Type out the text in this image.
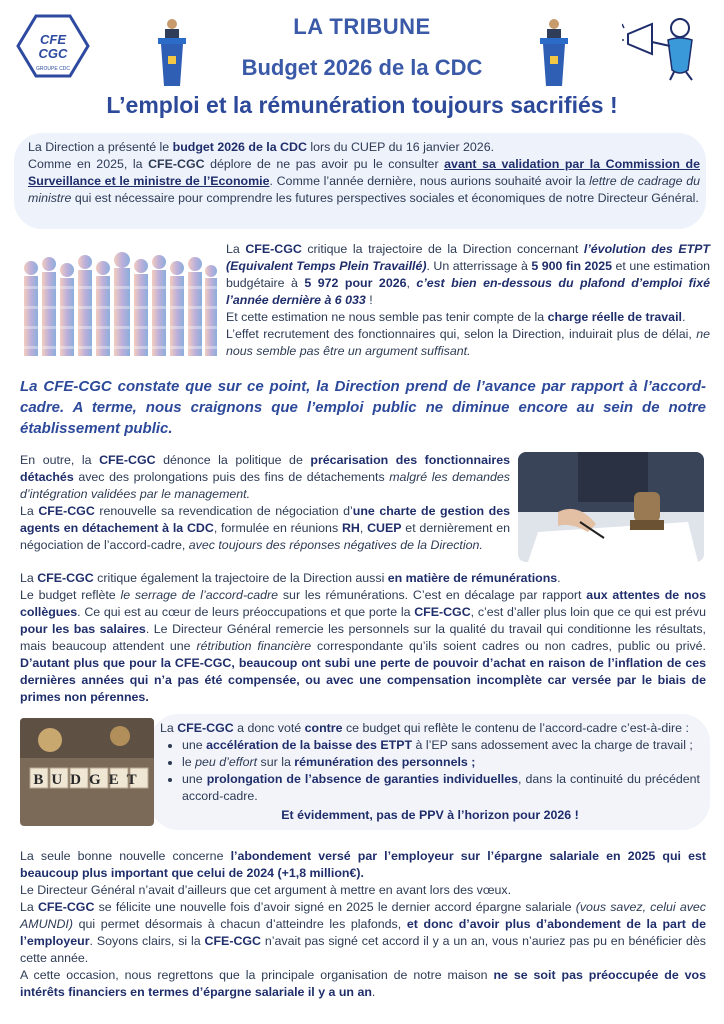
CFE
CGC
GROUPE CDC
LA TRIBUNE
Budget 2026 de la CDC
L’emploi et la rémunération toujours sacrifiés !

La Direction a présenté le budget 2026 de la CDC lors du CUEP du 16 janvier 2026.

Comme en 2025, la CFE-CGC déplore de ne pas avoir pu le consulter avant sa validation par la Commission de Surveillance et le ministre de l’Economie. Comme l’année dernière, nous aurions souhaité avoir la lettre de cadrage du ministre qui est nécessaire pour comprendre les futures perspectives sociales et économiques de notre Directeur Général.

La CFE-CGC critique la trajectoire de la Direction concernant l’évolution des ETPT (Equivalent Temps Plein Travaillé). Un atterrissage à 5 900 fin 2025 et une estimation budgétaire à 5 972 pour 2026, c’est bien en-dessous du plafond d’emploi fixé l’année dernière à 6 033 !

Et cette estimation ne nous semble pas tenir compte de la charge réelle de travail.

L’effet recrutement des fonctionnaires qui, selon la Direction, induirait plus de délai, ne nous semble pas être un argument suffisant.

La CFE-CGC constate que sur ce point, la Direction prend de l’avance par rapport à l’accord-cadre. A terme, nous craignons que l’emploi public ne diminue encore au sein de notre établissement public.

En outre, la CFE-CGC dénonce la politique de précarisation des fonctionnaires détachés avec des prolongations puis des fins de détachements malgré les demandes d’intégration validées par le management.

La CFE-CGC renouvelle sa revendication de négociation d’une charte de gestion des agents en détachement à la CDC, formulée en réunions RH, CUEP et dernièrement en négociation de l’accord-cadre, avec toujours des réponses négatives de la Direction.

La CFE-CGC critique également la trajectoire de la Direction aussi en matière de rémunérations.

Le budget reflète le serrage de l’accord-cadre sur les rémunérations. C’est en décalage par rapport aux attentes de nos collègues. Ce qui est au cœur de leurs préoccupations et que porte la CFE-CGC, c’est d’aller plus loin que ce qui est prévu pour les bas salaires. Le Directeur Général remercie les personnels sur la qualité du travail qui conditionne les résultats, mais beaucoup attendent une rétribution financière correspondante qu’ils soient cadres ou non cadres, public ou privé. D’autant plus que pour la CFE-CGC, beaucoup ont subi une perte de pouvoir d’achat en raison de l’inflation de ces dernières années qui n’a pas été compensée, ou avec une compensation incomplète car versée par le biais de primes non pérennes.

BUDGET

La CFE-CGC a donc voté contre ce budget qui reflète le contenu de l’accord-cadre c’est-à-dire :

• une accélération de la baisse des ETPT à l’EP sans adossement avec la charge de travail ;
• le peu d’effort sur la rémunération des personnels ;
• une prolongation de l’absence de garanties individuelles, dans la continuité du précédent accord-cadre.
Et évidemment, pas de PPV à l’horizon pour 2026 !

La seule bonne nouvelle concerne l’abondement versé par l’employeur sur l’épargne salariale en 2025 qui est beaucoup plus important que celui de 2024 (+1,8 million€).

Le Directeur Général n’avait d’ailleurs que cet argument à mettre en avant lors des vœux.

La CFE-CGC se félicite une nouvelle fois d’avoir signé en 2025 le dernier accord épargne salariale (vous savez, celui avec AMUNDI) qui permet désormais à chacun d’atteindre les plafonds, et donc d’avoir plus d’abondement de la part de l’employeur. Soyons clairs, si la CFE-CGC n’avait pas signé cet accord il y a un an, vous n’auriez pas pu en bénéficier dès cette année.

A cette occasion, nous regrettons que la principale organisation de notre maison ne se soit pas préoccupée de vos intérêts financiers en termes d’épargne salariale il y a un an.
